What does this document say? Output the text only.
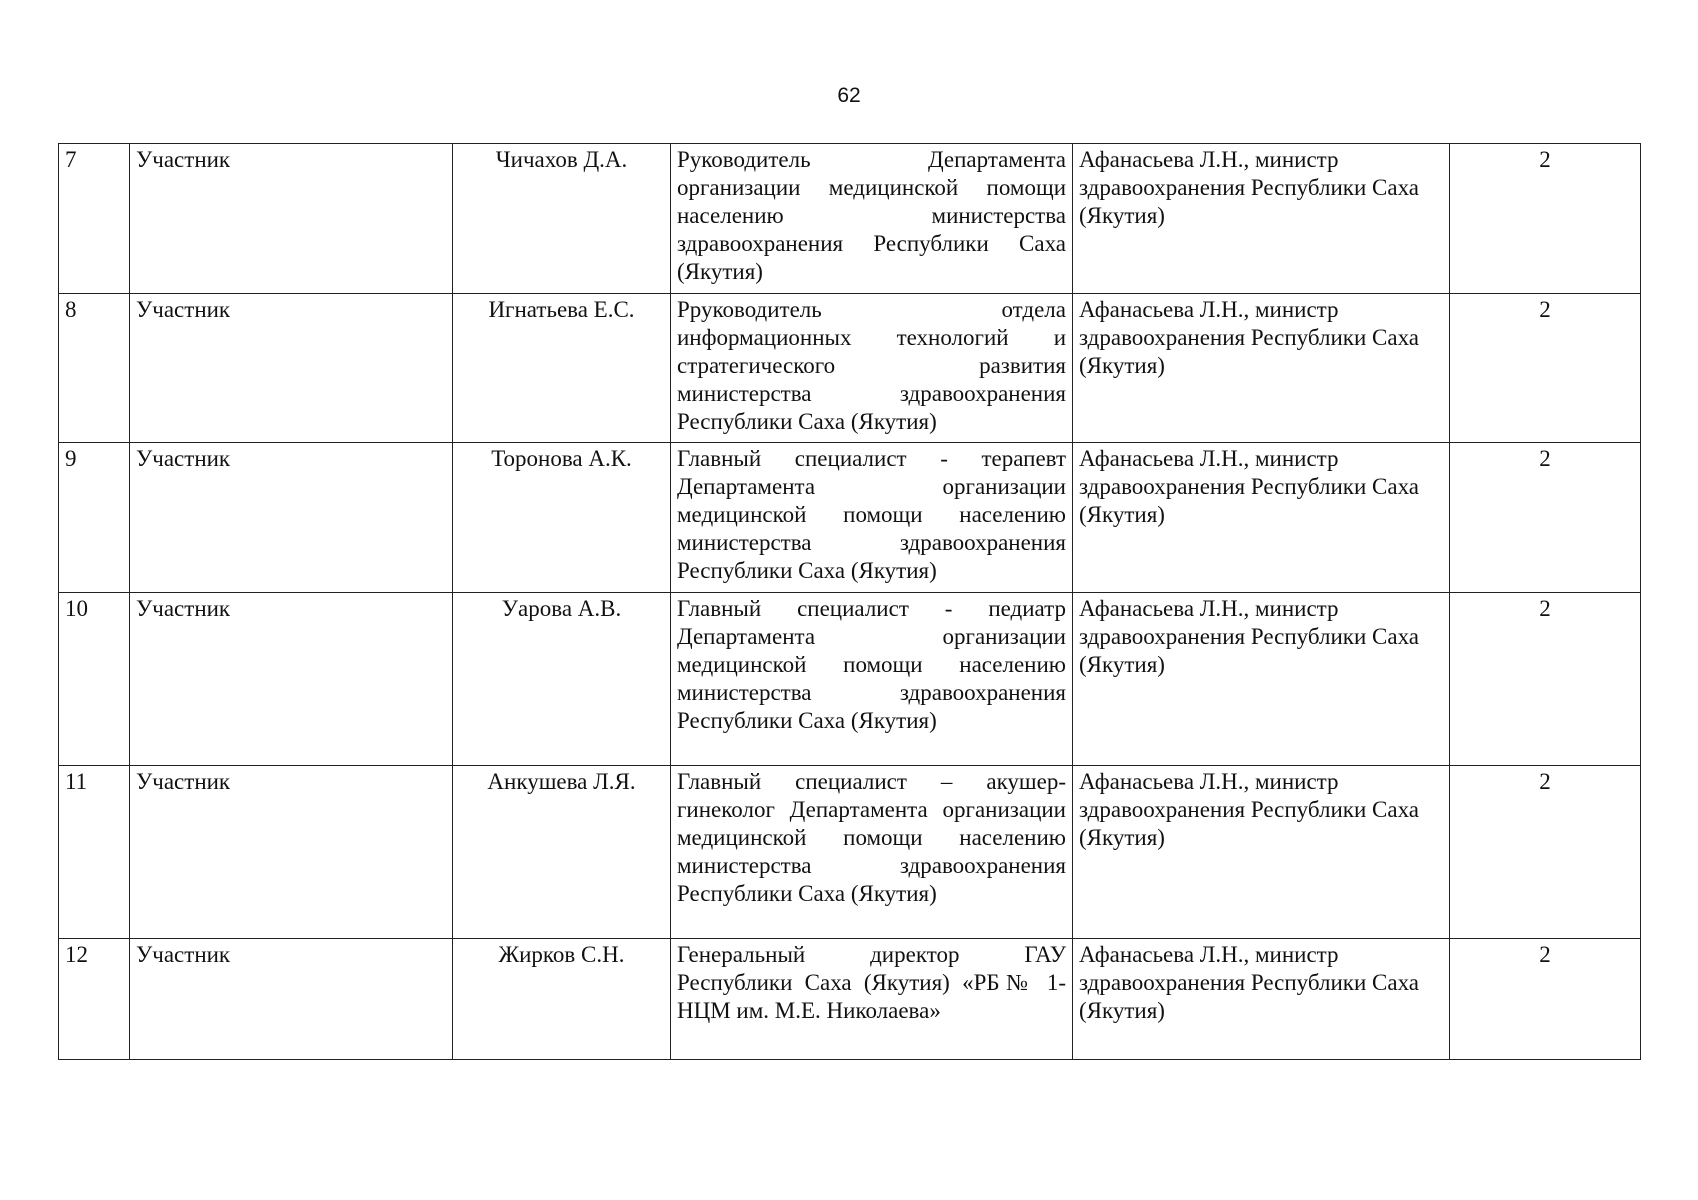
62
7	Участник	Чичахов Д.А.	Руководитель Департамента организации медицинской помощи населению министерства здравоохранения Республики Саха (Якутия)	Афанасьева Л.Н., министр здравоохранения Республики Саха (Якутия)	2
8	Участник	Игнатьева Е.С.	Рруководитель отдела информационных технологий и стратегического развития министерства здравоохранения Республики Саха (Якутия)	Афанасьева Л.Н., министр здравоохранения Республики Саха (Якутия)	2
9	Участник	Торонова А.К.	Главный специалист - терапевт Департамента организации медицинской помощи населению министерства здравоохранения Республики Саха (Якутия)	Афанасьева Л.Н., министр здравоохранения Республики Саха (Якутия)	2
10	Участник	Уарова А.В.	Главный специалист - педиатр Департамента организации медицинской помощи населению министерства здравоохранения Республики Саха (Якутия)	Афанасьева Л.Н., министр здравоохранения Республики Саха (Якутия)	2
11	Участник	Анкушева Л.Я.	Главный специалист – акушер-гинеколог Департамента организации медицинской помощи населению министерства здравоохранения Республики Саха (Якутия)	Афанасьева Л.Н., министр здравоохранения Республики Саха (Якутия)	2
12	Участник	Жирков С.Н.	Генеральный директор ГАУ Республики Саха (Якутия) «РБ№ 1-НЦМ им. М.Е. Николаева»	Афанасьева Л.Н., министр здравоохранения Республики Саха (Якутия)	2
